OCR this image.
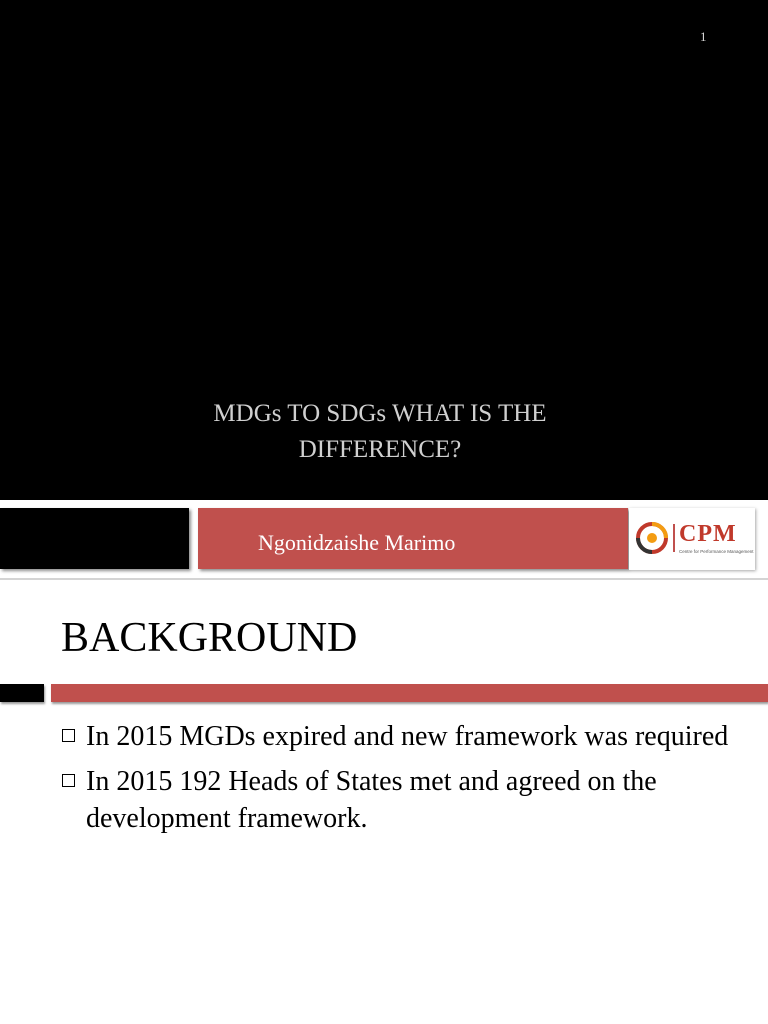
1
MDGs TO SDGs WHAT IS THE DIFFERENCE?
Ngonidzaishe Marimo	CPM
Centre for Performance Management
BACKGROUND
In 2015 MGDs expired and new framework was required
In 2015 192 Heads of States met and agreed on the development framework.
